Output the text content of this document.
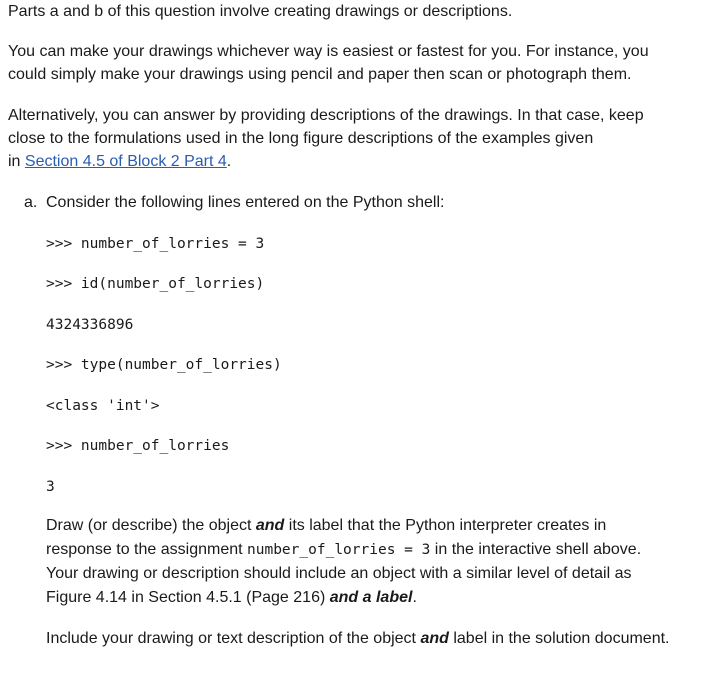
Parts a and b of this question involve creating drawings or descriptions.

You can make your drawings whichever way is easiest or fastest for you. For instance, you

could simply make your drawings using pencil and paper then scan or photograph them.

Alternatively, you can answer by providing descriptions of the drawings. In that case, keep

close to the formulations used in the long figure descriptions of the examples given

in Section 4.5 of Block 2 Part 4.

a. Consider the following lines entered on the Python shell:

>>> number_of_lorries = 3
>>> id(number_of_lorries)
4324336896
>>> type(number_of_lorries)
<class 'int'>
>>> number_of_lorries
3

Draw (or describe) the object and its label that the Python interpreter creates in

response to the assignment number_of_lorries = 3 in the interactive shell above.

Your drawing or description should include an object with a similar level of detail as

Figure 4.14 in Section 4.5.1 (Page 216) and a label.

Include your drawing or text description of the object and label in the solution document.
